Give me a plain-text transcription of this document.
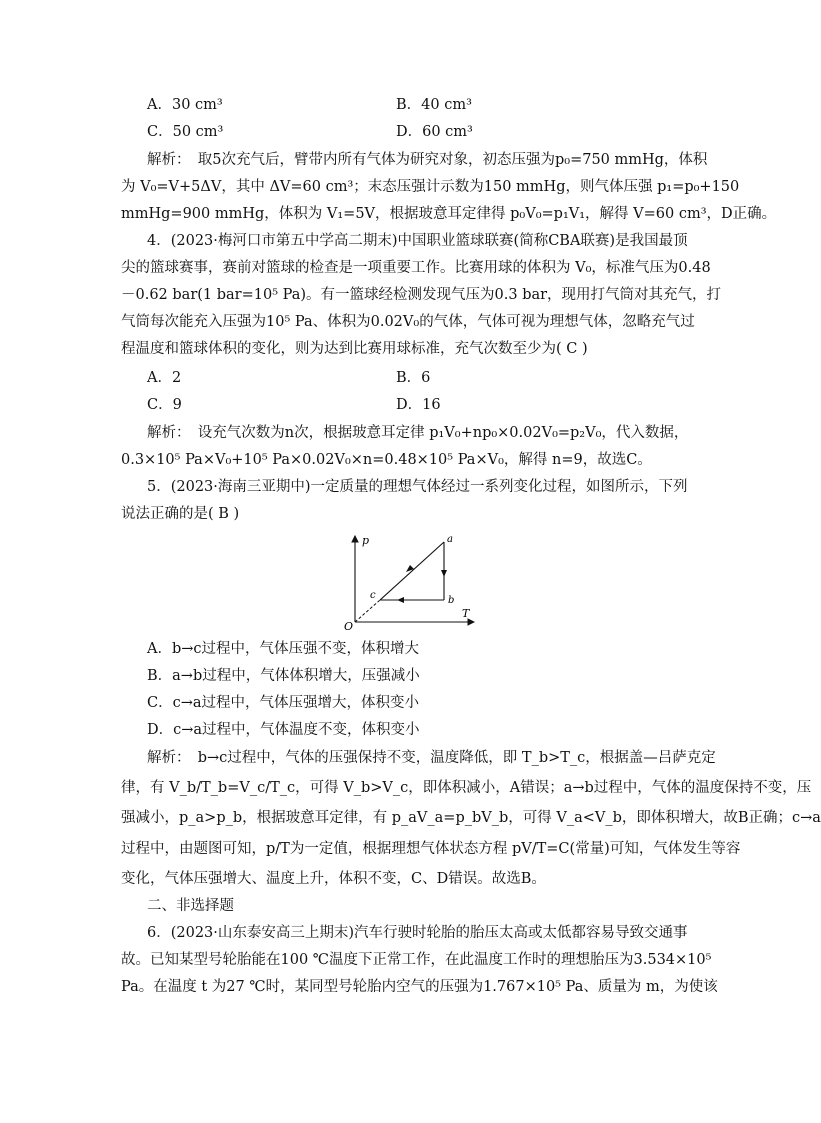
A．30 cm³	B．40 cm³
C．50 cm³	D．60 cm³
解析：　取5次充气后，臂带内所有气体为研究对象，初态压强为p₀=750 mmHg，体积
为 V₀=V+5ΔV，其中 ΔV=60 cm³；末态压强计示数为150 mmHg，则气体压强 p₁=p₀+150
mmHg=900 mmHg，体积为 V₁=5V，根据玻意耳定律得 p₀V₀=p₁V₁，解得 V=60 cm³，D正确。
4．(2023·梅河口市第五中学高二期末)中国职业篮球联赛(简称CBA联赛)是我国最顶
尖的篮球赛事，赛前对篮球的检查是一项重要工作。比赛用球的体积为 V₀，标准气压为0.48
－0.62 bar(1 bar=10⁵ Pa)。有一篮球经检测发现气压为0.3 bar，现用打气筒对其充气，打
气筒每次能充入压强为10⁵ Pa、体积为0.02V₀的气体，气体可视为理想气体，忽略充气过
程温度和篮球体积的变化，则为达到比赛用球标准，充气次数至少为( C )
A．2	B．6
C．9	D．16
解析：　设充气次数为n次，根据玻意耳定律 p₁V₀+np₀×0.02V₀=p₂V₀，代入数据，
0.3×10⁵ Pa×V₀+10⁵ Pa×0.02V₀×n=0.48×10⁵ Pa×V₀，解得 n=9，故选C。
5．(2023·海南三亚期中)一定质量的理想气体经过一系列变化过程，如图所示，下列
说法正确的是( B )
p
T
O
a
b
c
A．b→c过程中，气体压强不变，体积增大
B．a→b过程中，气体体积增大，压强减小
C．c→a过程中，气体压强增大，体积变小
D．c→a过程中，气体温度不变，体积变小
解析：　b→c过程中，气体的压强保持不变，温度降低，即 T_b>T_c，根据盖—吕萨克定
律，有 V_b/T_b=V_c/T_c，可得 V_b>V_c，即体积减小，A错误；a→b过程中，气体的温度保持不变，压
强减小，p_a>p_b，根据玻意耳定律，有 p_aV_a=p_bV_b，可得 V_a<V_b，即体积增大，故B正确；c→a
过程中，由题图可知，p/T为一定值，根据理想气体状态方程 pV/T=C(常量)可知，气体发生等容
变化，气体压强增大、温度上升，体积不变，C、D错误。故选B。
二、非选择题
6．(2023·山东泰安高三上期末)汽车行驶时轮胎的胎压太高或太低都容易导致交通事
故。已知某型号轮胎能在100 ℃温度下正常工作，在此温度工作时的理想胎压为3.534×10⁵
Pa。在温度 t 为27 ℃时，某同型号轮胎内空气的压强为1.767×10⁵ Pa、质量为 m，为使该
